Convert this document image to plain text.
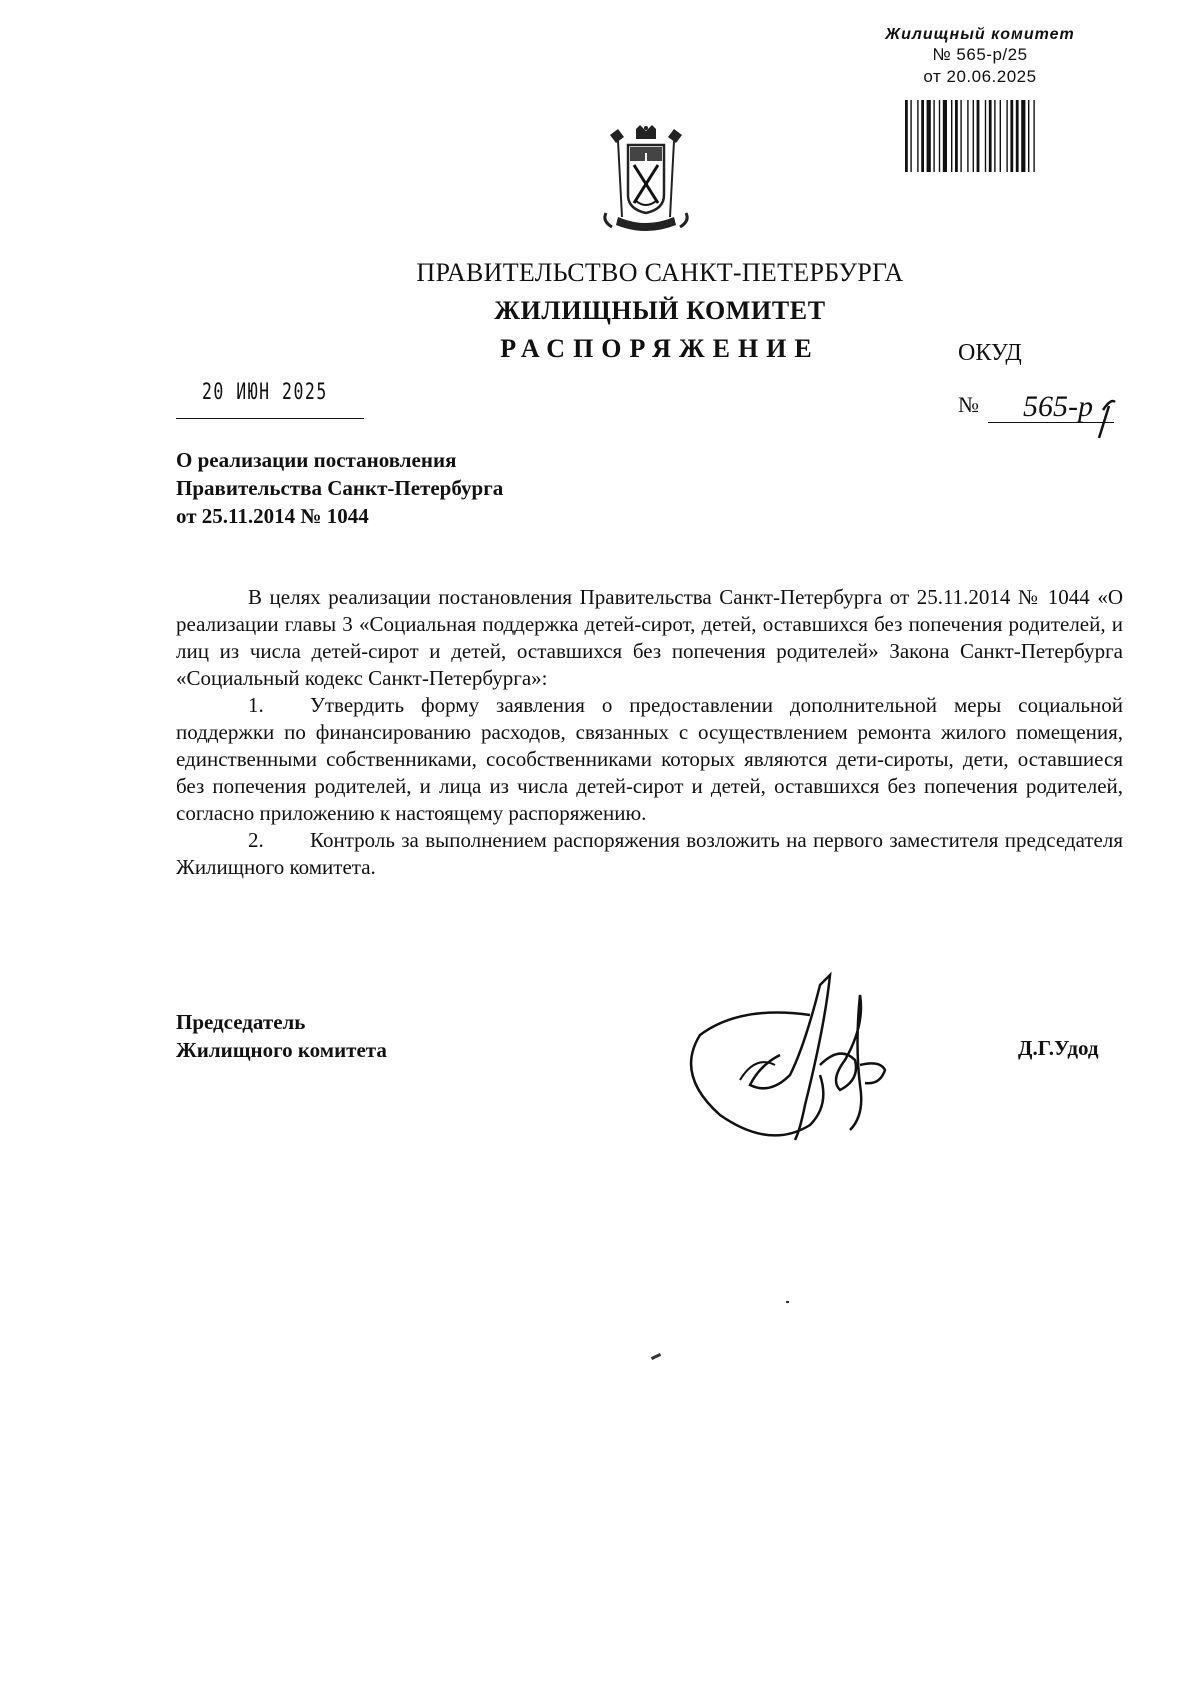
Жилищный комитет
№ 565-р/25
от 20.06.2025
ПРАВИТЕЛЬСТВО САНКТ-ПЕТЕРБУРГА
ЖИЛИЩНЫЙ КОМИТЕТ
РАСПОРЯЖЕНИЕ	ОКУД
20 ИЮН 2025	№ 565-р
О реализации постановления
Правительства Санкт-Петербурга
от 25.11.2014 № 1044

В целях реализации постановления Правительства Санкт-Петербурга от 25.11.2014 № 1044 «О реализации главы 3 «Социальная поддержка детей-сирот, детей, оставшихся без попечения родителей, и лиц из числа детей-сирот и детей, оставшихся без попечения родителей» Закона Санкт-Петербурга «Социальный кодекс Санкт-Петербурга»:

1. Утвердить форму заявления о предоставлении дополнительной меры социальной поддержки по финансированию расходов, связанных с осуществлением ремонта жилого помещения, единственными собственниками, сособственниками которых являются дети-сироты, дети, оставшиеся без попечения родителей, и лица из числа детей-сирот и детей, оставшихся без попечения родителей, согласно приложению к настоящему распоряжению.

2. Контроль за выполнением распоряжения возложить на первого заместителя председателя Жилищного комитета.

Председатель
Жилищного комитета	Д.Г.Удод
